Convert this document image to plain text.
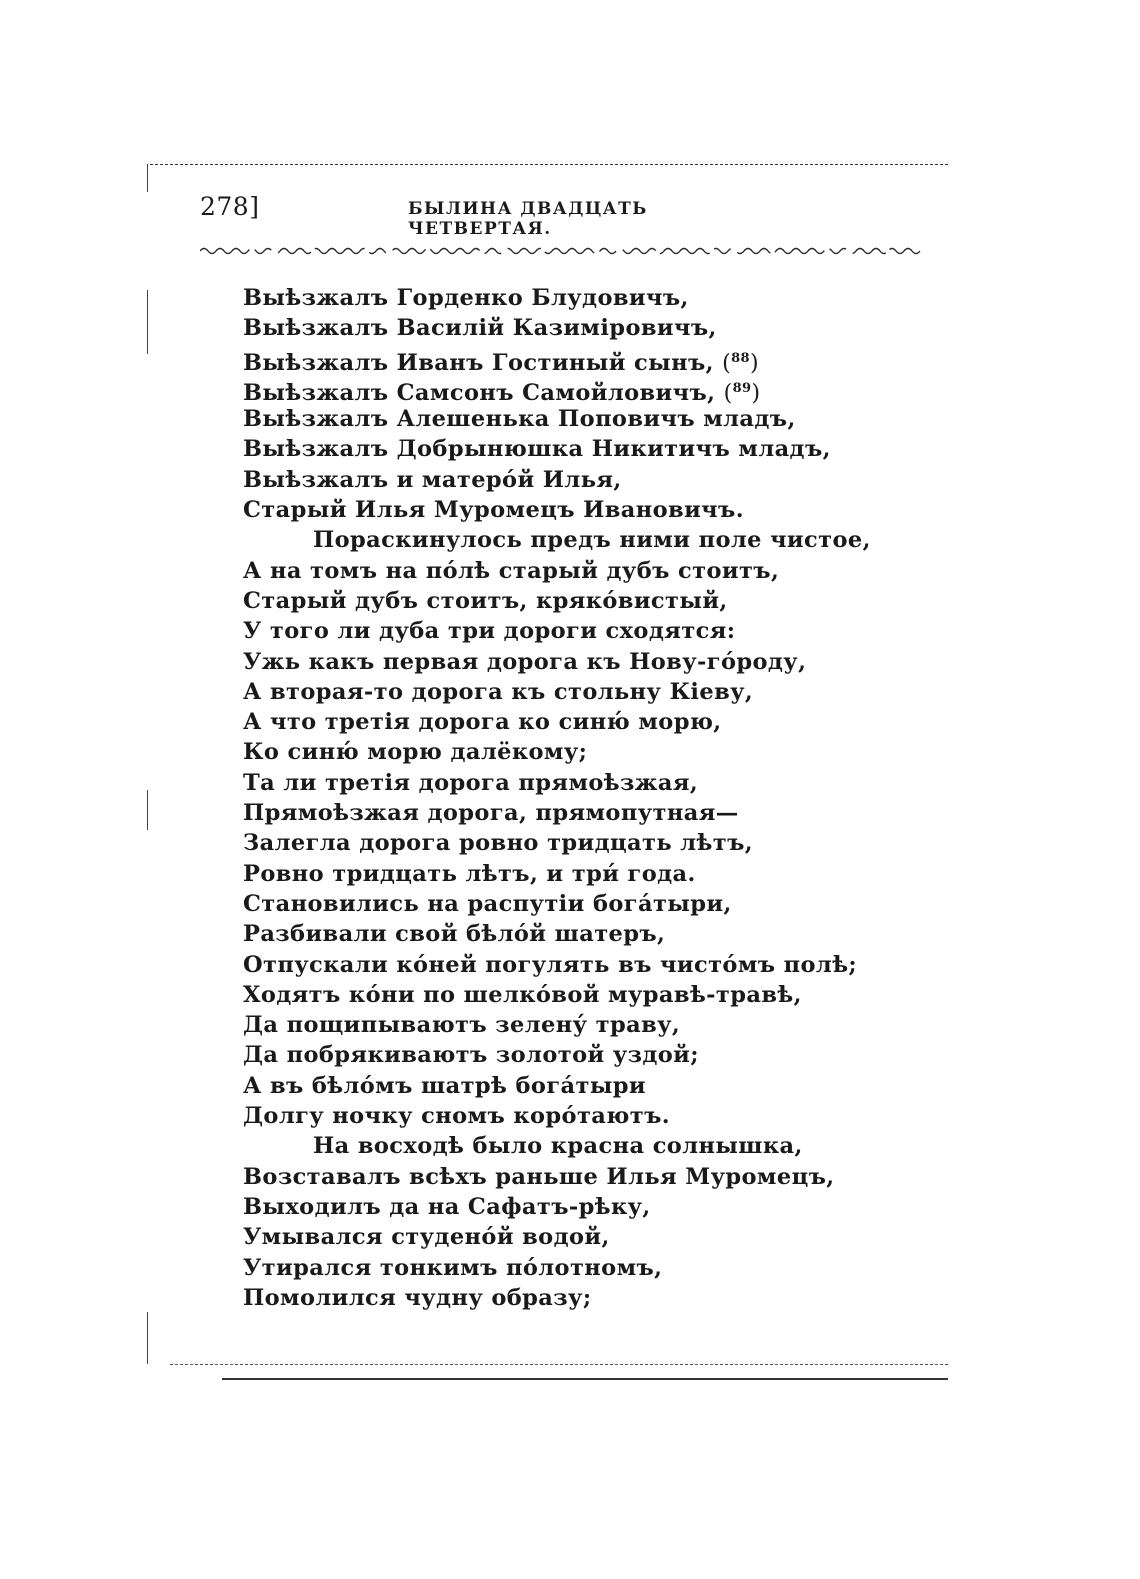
278]	БЫЛИНА ДВАДЦАТЬ ЧЕТВЕРТАЯ.
Выѣзжалъ Горденко Блудовичъ,
Выѣзжалъ Василій Казиміровичъ,
Выѣзжалъ Иванъ Гостиный сынъ, ($^{88}$)
Выѣзжалъ Самсонъ Самойловичъ, ($^{89}$)
Выѣзжалъ Алешенька Поповичъ младъ,
Выѣзжалъ Добрынюшка Никитичъ младъ,
Выѣзжалъ и матерóй Илья,
Старый Илья Муромецъ Ивановичъ.
Пораскинулось предъ ними поле чистое,
А на томъ на пóлѣ старый дубъ стоитъ,
Старый дубъ стоитъ, крякóвистый,
У того ли дуба три дороги сходятся:
Ужь какъ первая дорога къ Нову-гóроду,
А вторая-то дорога къ стольну Кіеву,
А что третія дорога ко синю́ морю,
Ко синю́ морю далёкому;
Та ли третія дорога прямоѣзжая,
Прямоѣзжая дорога, прямопутная—
Залегла дорога ровно тридцать лѣтъ,
Ровно тридцать лѣтъ, и три́ года.
Становились на распутіи богáтыри,
Разбивали свой бѣлóй шатеръ,
Отпускали кóней погулять въ чистóмъ полѣ;
Ходятъ кóни по шелкóвой муравѣ-травѣ,
Да пощипываютъ зелену́ траву,
Да побрякиваютъ золотой уздой;
А въ бѣлóмъ шатрѣ богáтыри
Долгу ночку сномъ корóтаютъ.
На восходѣ было красна солнышка,
Возставалъ всѣхъ раньше Илья Муромецъ,
Выходилъ да на Сафатъ-рѣку,
Умывался студенóй водой,
Утирался тонкимъ пóлотномъ,
Помолился чудну образу;
